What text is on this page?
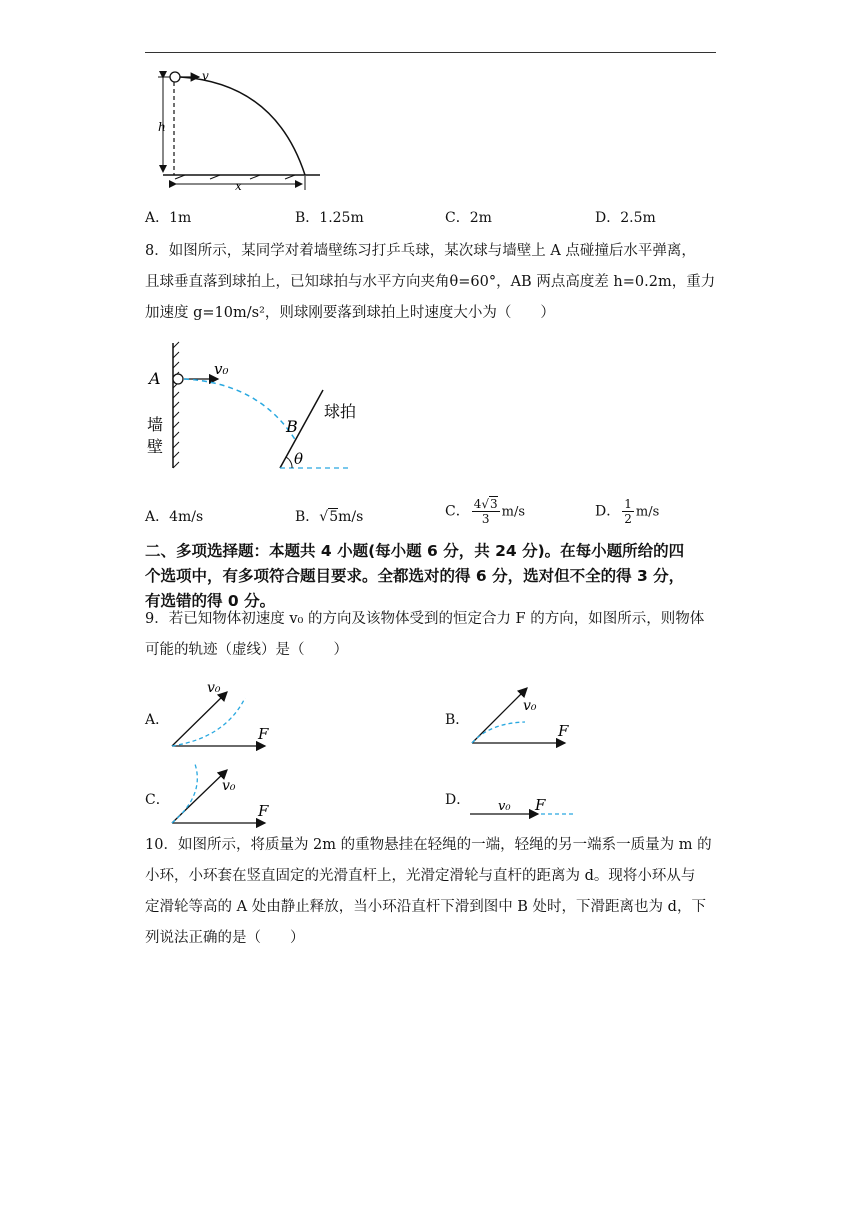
h
v
x
A．1m	B．1.25m	C．2m	D．2.5m
8．如图所示，某同学对着墙壁练习打乒乓球，某次球与墙壁上 A 点碰撞后水平弹离，
且球垂直落到球拍上，已知球拍与水平方向夹角θ=60°，AB 两点高度差 h=0.2m，重力
加速度 g=10m/s²，则球刚要落到球拍上时速度大小为（　　）
A
墙
壁
v₀
θ
B
球拍
A．4m/s	B．√5m/s	C． $\frac{4√3}{3} m/s$	D． $\frac{1}{2} m/s$
二、多项选择题：本题共 4 小题(每小题 6 分，共 24 分)。在每小题所给的四
个选项中，有多项符合题目要求。全都选对的得 6 分，选对但不全的得 3 分，
有选错的得 0 分。
9．若已知物体初速度 v₀ 的方向及该物体受到的恒定合力 F 的方向，如图所示，则物体
可能的轨迹（虚线）是（　　）
A．
v₀
F
B．
v₀
F
C．
v₀
F
D． v₀ F
10．如图所示，将质量为 2m 的重物悬挂在轻绳的一端，轻绳的另一端系一质量为 m 的
小环，小环套在竖直固定的光滑直杆上，光滑定滑轮与直杆的距离为 d。现将小环从与
定滑轮等高的 A 处由静止释放，当小环沿直杆下滑到图中 B 处时，下滑距离也为 d，下
列说法正确的是（　　）
